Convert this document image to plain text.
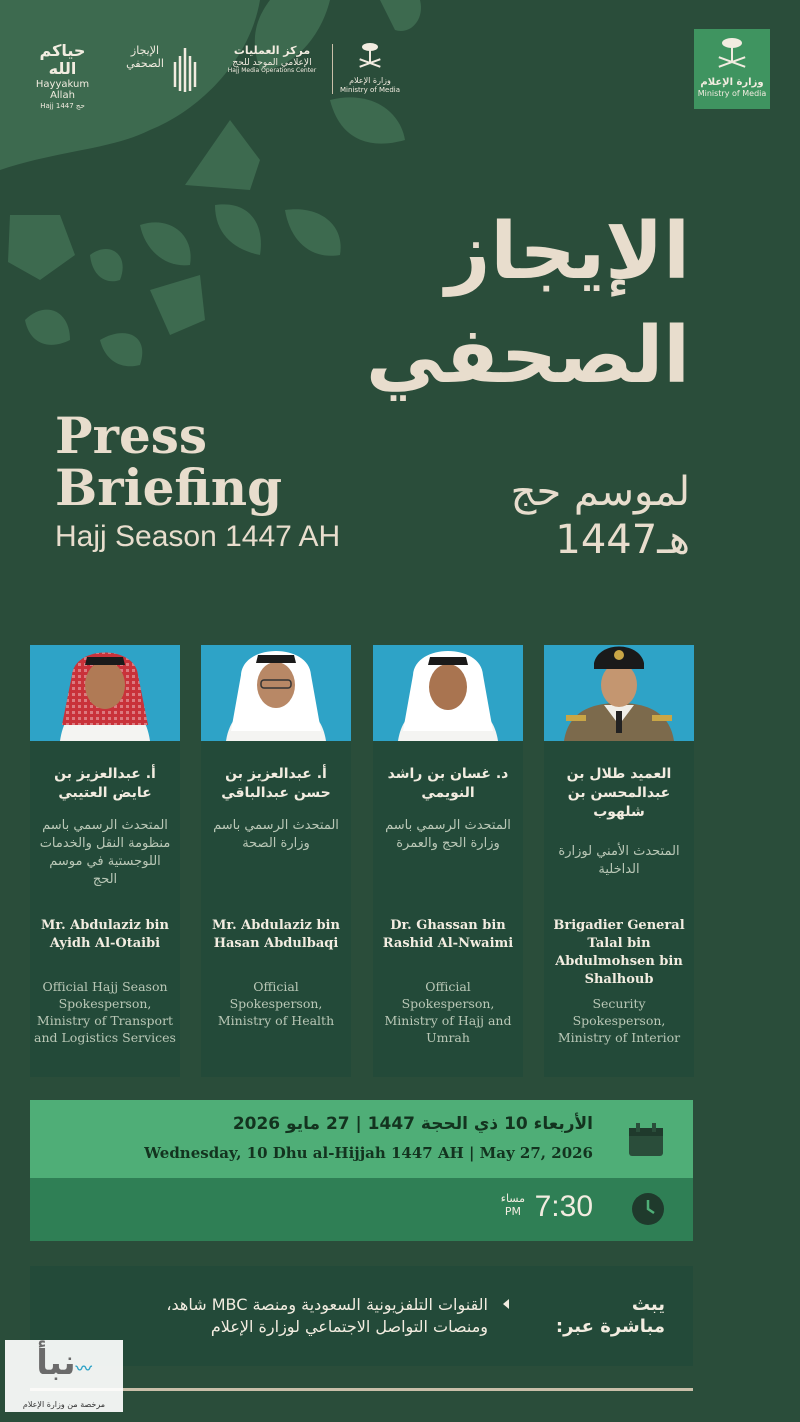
حياكم الله
Hayyakum Allah
Hajj 1447 حج
الإيجاز
الصحفي
مركز العمليات
الإعلامي الموحد للحج
Hajj Media Operations Center
وزارة الإعلام
Ministry of Media
وزارة الإعلام
Ministry of Media
الإيجاز
الصحفي
لموسم حج
1447هـ
Press
Briefing
Hajj Season 1447 AH
أ. عبدالعزيز بن عايض العتيبي
المتحدث الرسمي باسم منظومة النقل والخدمات اللوجستية في موسم الحج
Mr. Abdulaziz bin Ayidh Al-Otaibi
Official Hajj Season Spokesperson, Ministry of Transport and Logistics Services
أ. عبدالعزيز بن حسن عبدالباقي
المتحدث الرسمي باسم وزارة الصحة
Mr. Abdulaziz bin Hasan Abdulbaqi
Official Spokesperson, Ministry of Health
د. غسان بن راشد النويمي
المتحدث الرسمي باسم وزارة الحج والعمرة
Dr. Ghassan bin Rashid Al-Nwaimi
Official Spokesperson, Ministry of Hajj and Umrah
العميد طلال بن عبدالمحسن بن شلهوب
المتحدث الأمني لوزارة الداخلية
Brigadier General Talal bin Abdulmohsen bin Shalhoub
Security Spokesperson, Ministry of Interior
الأربعاء 10 ذي الحجة 1447 | 27 مايو 2026
Wednesday, 10 Dhu al-Hijjah 1447 AH | May 27, 2026
7:30
مساء
PM
يبث
مباشرة عبر:
القنوات التلفزيونية السعودية ومنصة MBC شاهد،
ومنصات التواصل الاجتماعي لوزارة الإعلام
نبأ〰
مرخصة من وزارة الإعلام
